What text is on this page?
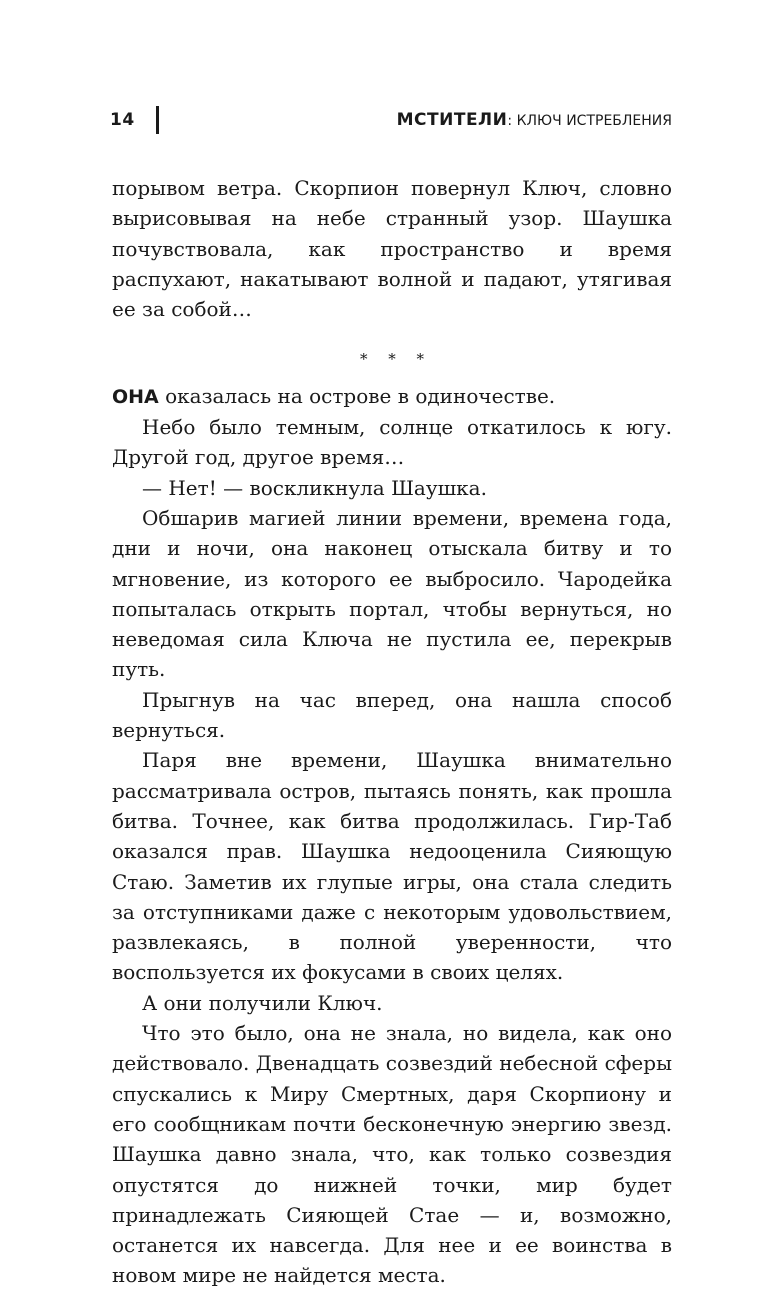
14	МСТИТЕЛИ: КЛЮЧ ИСТРЕБЛЕНИЯ

порывом ветра. Скорпион повернул Ключ, словно вырисовывая на небе странный узор. Шаушка почувствовала, как пространство и время распухают, накатывают волной и падают, утягивая ее за собой…

* * *

ОНА оказалась на острове в одиночестве.

Небо было темным, солнце откатилось к югу. Другой год, другое время…

— Нет! — воскликнула Шаушка.

Обшарив магией линии времени, времена года, дни и ночи, она наконец отыскала битву и то мгновение, из которого ее выбросило. Чародейка попыталась открыть портал, чтобы вернуться, но неведомая сила Ключа не пустила ее, перекрыв путь.

Прыгнув на час вперед, она нашла способ вернуться.

Паря вне времени, Шаушка внимательно рассматривала остров, пытаясь понять, как прошла битва. Точнее, как битва продолжилась. Гир-Таб оказался прав. Шаушка недооценила Сияющую Стаю. Заметив их глупые игры, она стала следить за отступниками даже с некоторым удовольствием, развлекаясь, в полной уверенности, что воспользуется их фокусами в своих целях.

А они получили Ключ.

Что это было, она не знала, но видела, как оно действовало. Двенадцать созвездий небесной сферы спускались к Миру Смертных, даря Скорпиону и его сообщникам почти бесконечную энергию звезд. Шаушка давно знала, что, как только созвездия опустятся до нижней точки, мир будет принадлежать Сияющей Стае — и, возможно, останется их навсегда. Для нее и ее воинства в новом мире не найдется места.
